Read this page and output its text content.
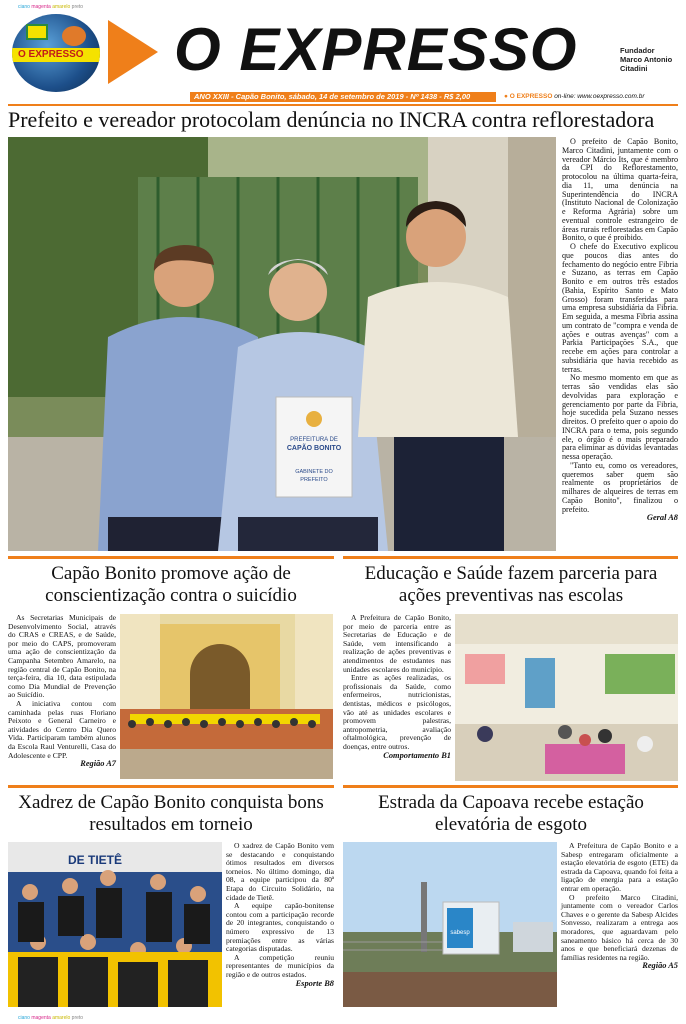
ciano magenta amarelo preto
O EXPRESSO O EXPRESSO	Fundador
Marco Antonio
Citadini
ANO XXIII - Capão Bonito, sábado, 14 de setembro de 2019 - Nº 1438 - R$ 2,00	● O EXPRESSO on-line: www.oexpresso.com.br
Prefeito e vereador protocolam denúncia no INCRA contra reflorestadora
PREFEITURA DE
CAPÃO BONITO
GABINETE DO
PREFEITO

O prefeito de Capão Bonito, Marco Citadini, juntamente com o vereador Márcio Its, que é membro da CPI do Reflorestamento, protocolou na última quarta-feira, dia 11, uma denúncia na Superintendência do INCRA (Instituto Nacional de Colonização e Reforma Agrária) sobre um eventual controle estrangeiro de áreas rurais reflorestadas em Capão Bonito, o que é proibido.

O chefe do Executivo explicou que poucos dias antes do fechamento do negócio entre Fibria e Suzano, as terras em Capão Bonito e em outros três estados (Bahia, Espírito Santo e Mato Grosso) foram transferidas para uma empresa subsidiária da Fibria. Em seguida, a mesma Fibria assina um contrato de "compra e venda de ações e outras avenças" com a Parkia Participações S.A., que recebe em ações para controlar a subsidiária que havia recebido as terras.

No mesmo momento em que as terras são vendidas elas são devolvidas para exploração e gerenciamento por parte da Fibria, hoje sucedida pela Suzano nesses direitos. O prefeito quer o apoio do INCRA para o tema, pois segundo ele, o órgão é o mais preparado para eliminar as dúvidas levantadas nessa operação.

"Tanto eu, como os vereadores, queremos saber quem são realmente os proprietários de milhares de alqueires de terras em Capão Bonito", finalizou o prefeito.

Geral A8
Capão Bonito promove ação de conscientização contra o suicídio
Educação e Saúde fazem parceria para ações preventivas nas escolas

As Secretarias Municipais de Desenvolvimento Social, através do CRAS e CREAS, e de Saúde, por meio do CAPS, promoveram uma ação de conscientização da Campanha Setembro Amarelo, na região central de Capão Bonito, na terça-feira, dia 10, data estipulada como Dia Mundial de Prevenção ao Suicídio.

A iniciativa contou com caminhada pelas ruas Floriano Peixoto e General Carneiro e atividades do Centro Dia Quero Vida. Participaram também alunos da Escola Raul Venturelli, Casa do Adolescente e CPP.

Região A7

A Prefeitura de Capão Bonito, por meio de parceria entre as Secretarias de Educação e de Saúde, vem intensificando a realização de ações preventivas e atendimentos de estudantes nas unidades escolares do município.

Entre as ações realizadas, os profissionais da Saúde, como enfermeiros, nutricionistas, dentistas, médicos e psicólogos, vão até as unidades escolares e promovem palestras, antropometria, avaliação oftalmológica, prevenção de doenças, entre outros.

Comportamento B1
Xadrez de Capão Bonito conquista bons resultados em torneio
Estrada da Capoava recebe estação elevatória de esgoto
DE TIETÊ

O xadrez de Capão Bonito vem se destacando e conquistando ótimos resultados em diversos torneios. No último domingo, dia 08, a equipe participou da 80ª Etapa do Circuito Solidário, na cidade de Tietê.

A equipe capão-bonitense contou com a participação recorde de 20 integrantes, conquistando o número expressivo de 13 premiações entre as várias categorias disputadas.

A competição reuniu representantes de municípios da região e de outros estados.

Esporte B8
sabesp

A Prefeitura de Capão Bonito e a Sabesp entregaram oficialmente a estação elevatória de esgoto (ETE) da estrada da Capoava, quando foi feita a ligação de energia para a estação entrar em operação.

O prefeito Marco Citadini, juntamente com o vereador Carlos Chaves e o gerente da Sabesp Alcides Sonvesso, realizaram a entrega aos moradores, que aguardavam pelo saneamento básico há cerca de 30 anos e que beneficiará dezenas de famílias residentes na região.

Região A5
ciano magenta amarelo preto
